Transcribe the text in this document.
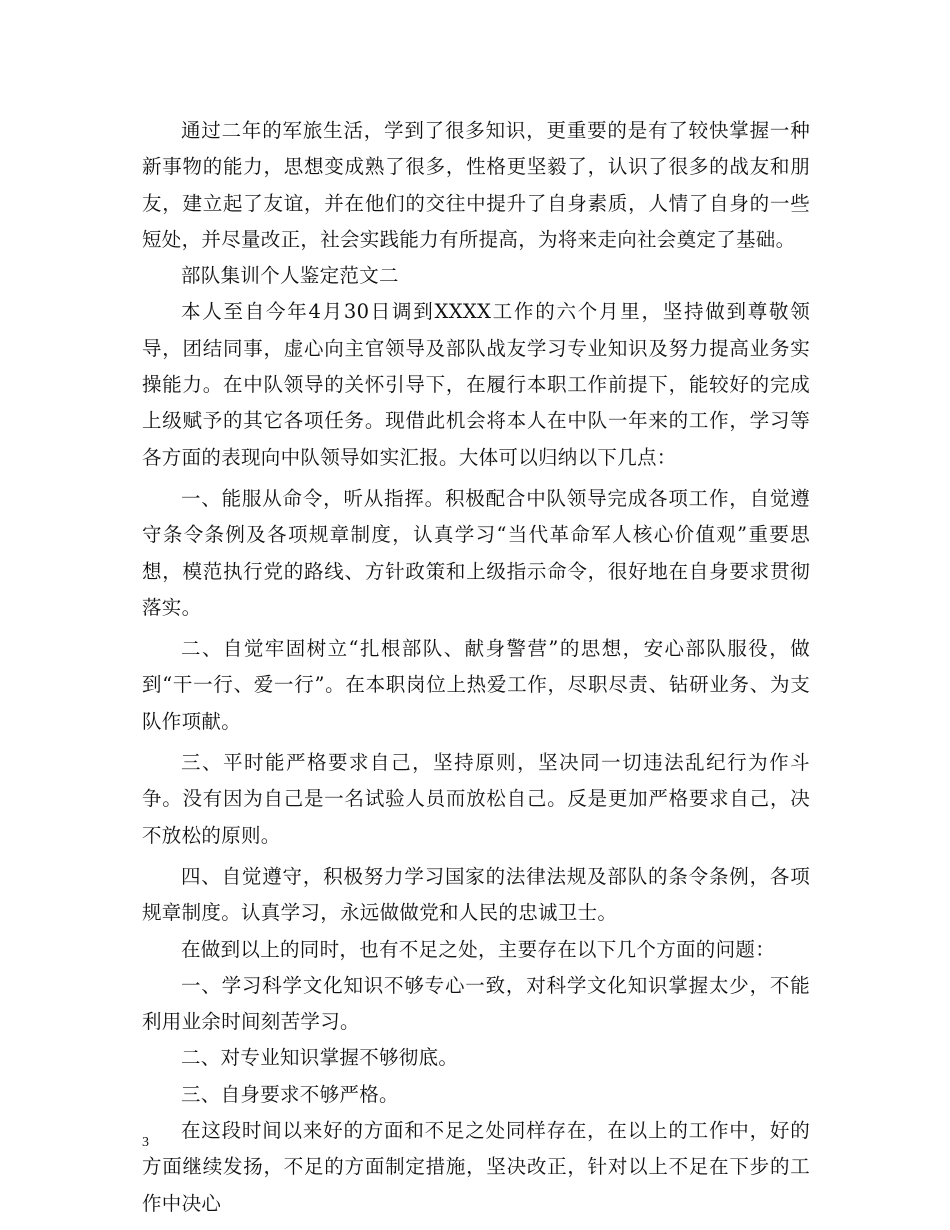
通过二年的军旅生活，学到了很多知识，更重要的是有了较快掌握一种新事物的能力，思想变成熟了很多，性格更坚毅了，认识了很多的战友和朋友，建立起了友谊，并在他们的交往中提升了自身素质，人情了自身的一些短处，并尽量改正，社会实践能力有所提高，为将来走向社会奠定了基础。

部队集训个人鉴定范文二

本人至自今年4月30日调到XXXX工作的六个月里，坚持做到尊敬领导，团结同事，虚心向主官领导及部队战友学习专业知识及努力提高业务实操能力。在中队领导的关怀引导下，在履行本职工作前提下，能较好的完成上级赋予的其它各项任务。现借此机会将本人在中队一年来的工作，学习等各方面的表现向中队领导如实汇报。大体可以归纳以下几点：

一、能服从命令，听从指挥。积极配合中队领导完成各项工作，自觉遵守条令条例及各项规章制度，认真学习“当代革命军人核心价值观”重要思想，模范执行党的路线、方针政策和上级指示命令，很好地在自身要求贯彻落实。

二、自觉牢固树立“扎根部队、献身警营”的思想，安心部队服役，做到“干一行、爱一行”。在本职岗位上热爱工作，尽职尽责、钻研业务、为支队作项献。

三、平时能严格要求自己，坚持原则，坚决同一切违法乱纪行为作斗争。没有因为自己是一名试验人员而放松自己。反是更加严格要求自己，决不放松的原则。

四、自觉遵守，积极努力学习国家的法律法规及部队的条令条例，各项规章制度。认真学习，永远做做党和人民的忠诚卫士。

在做到以上的同时，也有不足之处，主要存在以下几个方面的问题：

一、学习科学文化知识不够专心一致，对科学文化知识掌握太少，不能利用业余时间刻苦学习。

二、对专业知识掌握不够彻底。

三、自身要求不够严格。

在这段时间以来好的方面和不足之处同样存在，在以上的工作中，好的方面继续发扬，不足的方面制定措施，坚决改正，针对以上不足在下步的工作中决心

3
